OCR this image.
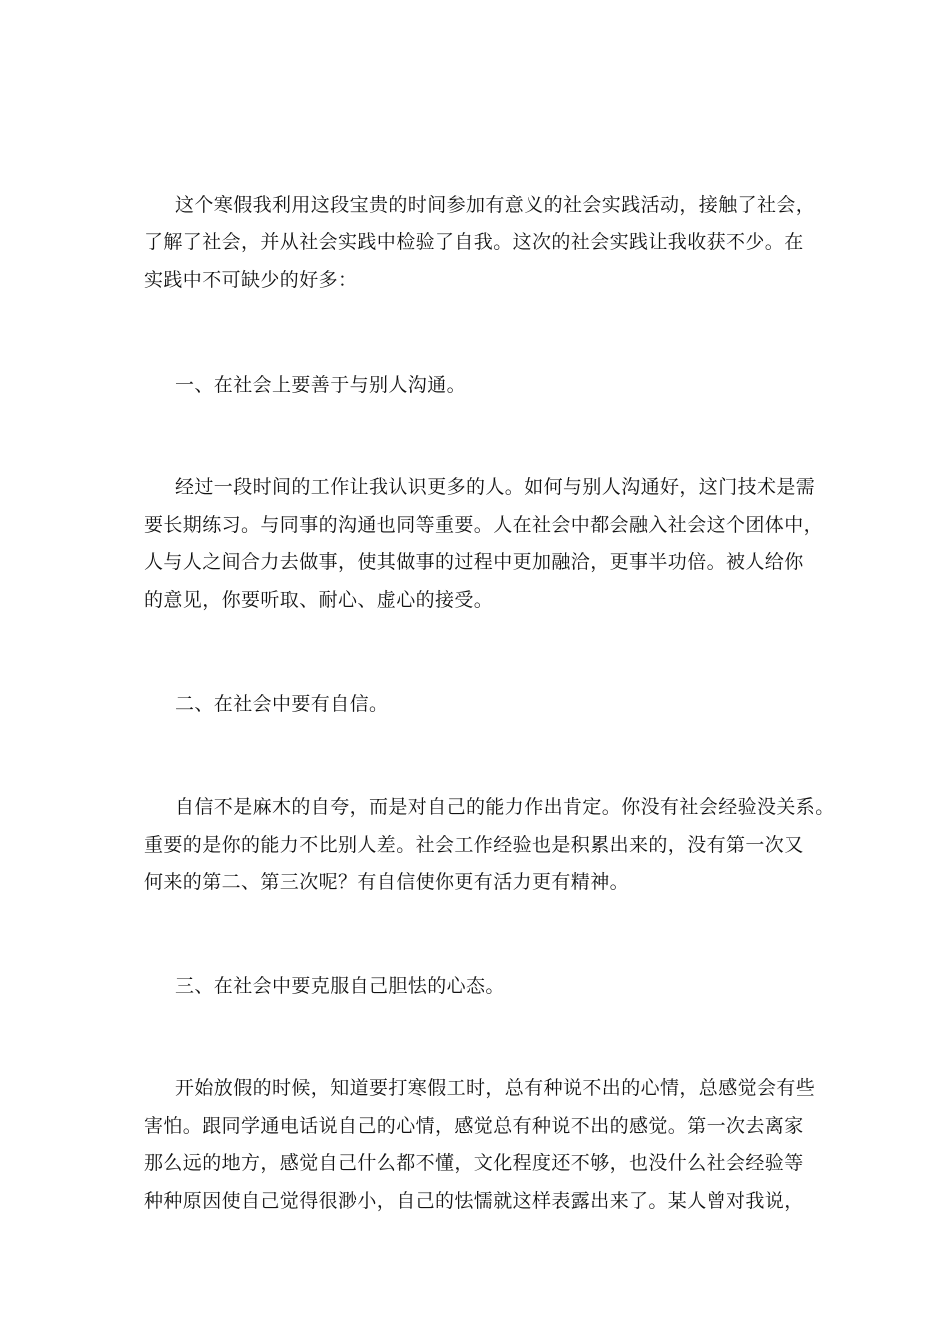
这个寒假我利用这段宝贵的时间参加有意义的社会实践活动，接触了社会，
了解了社会，并从社会实践中检验了自我。这次的社会实践让我收获不少。在
实践中不可缺少的好多：
一、在社会上要善于与别人沟通。
经过一段时间的工作让我认识更多的人。如何与别人沟通好，这门技术是需
要长期练习。与同事的沟通也同等重要。人在社会中都会融入社会这个团体中，
人与人之间合力去做事，使其做事的过程中更加融洽，更事半功倍。被人给你
的意见，你要听取、耐心、虚心的接受。
二、在社会中要有自信。
自信不是麻木的自夸，而是对自己的能力作出肯定。你没有社会经验没关系。
重要的是你的能力不比别人差。社会工作经验也是积累出来的，没有第一次又
何来的第二、第三次呢？有自信使你更有活力更有精神。
三、在社会中要克服自己胆怯的心态。
开始放假的时候，知道要打寒假工时，总有种说不出的心情，总感觉会有些
害怕。跟同学通电话说自己的心情，感觉总有种说不出的感觉。第一次去离家
那么远的地方，感觉自己什么都不懂，文化程度还不够，也没什么社会经验等
种种原因使自己觉得很渺小，自己的怯懦就这样表露出来了。某人曾对我说，
